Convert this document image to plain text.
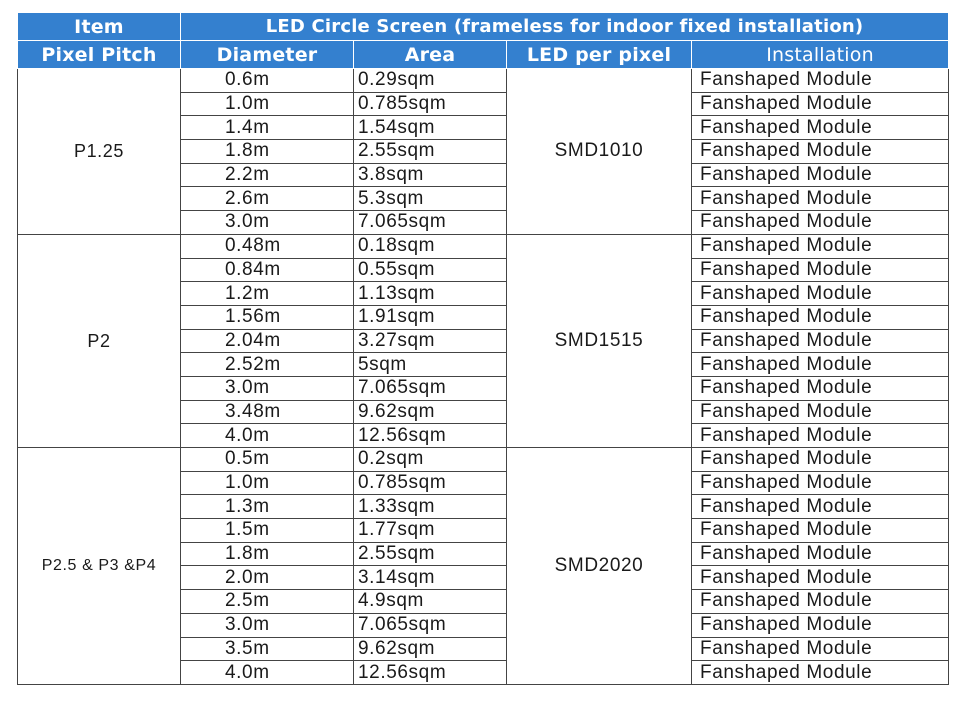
Item	LED Circle Screen (frameless for indoor fixed installation)			
Pixel Pitch	Diameter	Area	LED per pixel	Installation
P1.25	0.6m	0.29sqm	SMD1010	Fanshaped Module
	1.0m	0.785sqm		Fanshaped Module
	1.4m	1.54sqm		Fanshaped Module
	1.8m	2.55sqm		Fanshaped Module
	2.2m	3.8sqm		Fanshaped Module
	2.6m	5.3sqm		Fanshaped Module
	3.0m	7.065sqm		Fanshaped Module
P2	0.48m	0.18sqm	SMD1515	Fanshaped Module
	0.84m	0.55sqm		Fanshaped Module
	1.2m	1.13sqm		Fanshaped Module
	1.56m	1.91sqm		Fanshaped Module
	2.04m	3.27sqm		Fanshaped Module
	2.52m	5sqm		Fanshaped Module
	3.0m	7.065sqm		Fanshaped Module
	3.48m	9.62sqm		Fanshaped Module
	4.0m	12.56sqm		Fanshaped Module
P2.5 & P3 &P4	0.5m	0.2sqm	SMD2020	Fanshaped Module
	1.0m	0.785sqm		Fanshaped Module
	1.3m	1.33sqm		Fanshaped Module
	1.5m	1.77sqm		Fanshaped Module
	1.8m	2.55sqm		Fanshaped Module
	2.0m	3.14sqm		Fanshaped Module
	2.5m	4.9sqm		Fanshaped Module
	3.0m	7.065sqm		Fanshaped Module
	3.5m	9.62sqm		Fanshaped Module
	4.0m	12.56sqm		Fanshaped Module
